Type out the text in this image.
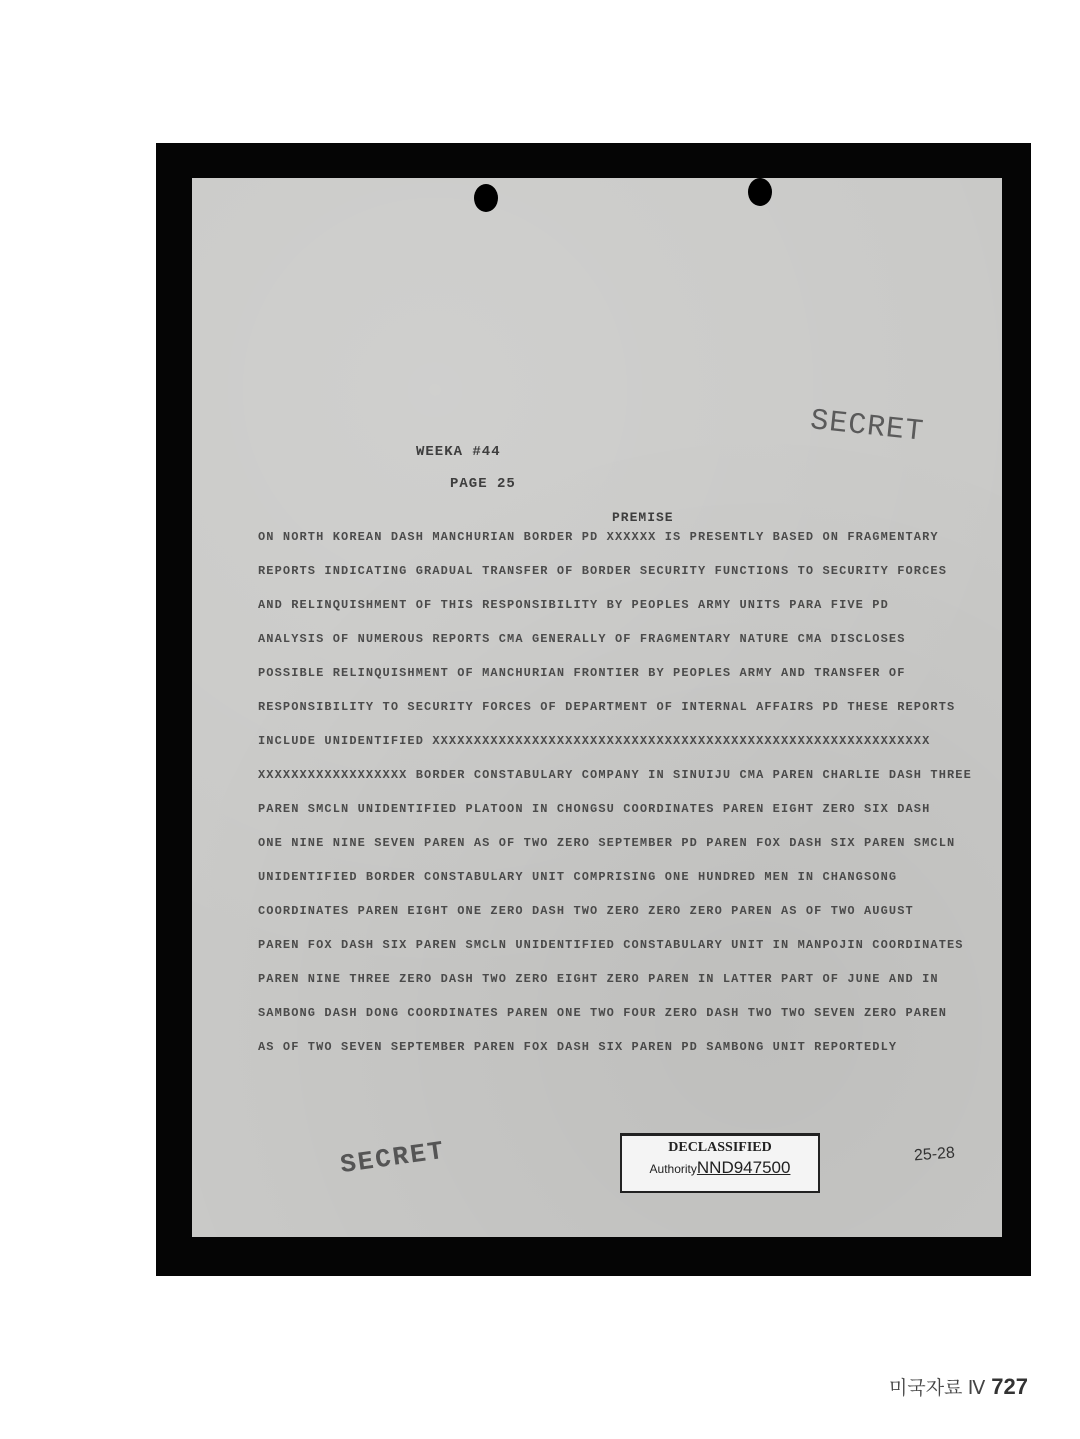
SECRET
WEEKA #44
PAGE 25
PREMISE
ON NORTH KOREAN DASH MANCHURIAN BORDER PD XXXXXX IS PRESENTLY BASED ON FRAGMENTARY
REPORTS INDICATING GRADUAL TRANSFER OF BORDER SECURITY FUNCTIONS TO SECURITY FORCES
AND RELINQUISHMENT OF THIS RESPONSIBILITY BY PEOPLES ARMY UNITS PARA FIVE PD
ANALYSIS OF NUMEROUS REPORTS CMA GENERALLY OF FRAGMENTARY NATURE CMA DISCLOSES
POSSIBLE RELINQUISHMENT OF MANCHURIAN FRONTIER BY PEOPLES ARMY AND TRANSFER OF
RESPONSIBILITY TO SECURITY FORCES OF DEPARTMENT OF INTERNAL AFFAIRS PD THESE REPORTS
INCLUDE UNIDENTIFIED XXXXXXXXXXXXXXXXXXXXXXXXXXXXXXXXXXXXXXXXXXXXXXXXXXXXXXXXXXXX
XXXXXXXXXXXXXXXXXX BORDER CONSTABULARY COMPANY IN SINUIJU CMA PAREN CHARLIE DASH THREE
PAREN SMCLN UNIDENTIFIED PLATOON IN CHONGSU COORDINATES PAREN EIGHT ZERO SIX DASH
ONE NINE NINE SEVEN PAREN AS OF TWO ZERO SEPTEMBER PD PAREN FOX DASH SIX PAREN SMCLN
UNIDENTIFIED BORDER CONSTABULARY UNIT COMPRISING ONE HUNDRED MEN IN CHANGSONG
COORDINATES PAREN EIGHT ONE ZERO DASH TWO ZERO ZERO ZERO PAREN AS OF TWO AUGUST
PAREN FOX DASH SIX PAREN SMCLN UNIDENTIFIED CONSTABULARY UNIT IN MANPOJIN COORDINATES
PAREN NINE THREE ZERO DASH TWO ZERO EIGHT ZERO PAREN IN LATTER PART OF JUNE AND IN
SAMBONG DASH DONG COORDINATES PAREN ONE TWO FOUR ZERO DASH TWO TWO SEVEN ZERO PAREN
AS OF TWO SEVEN SEPTEMBER PAREN FOX DASH SIX PAREN PD SAMBONG UNIT REPORTEDLY
SECRET	DECLASSIFIED
AuthorityNND947500
25-28
미국자료 Ⅳ 727
